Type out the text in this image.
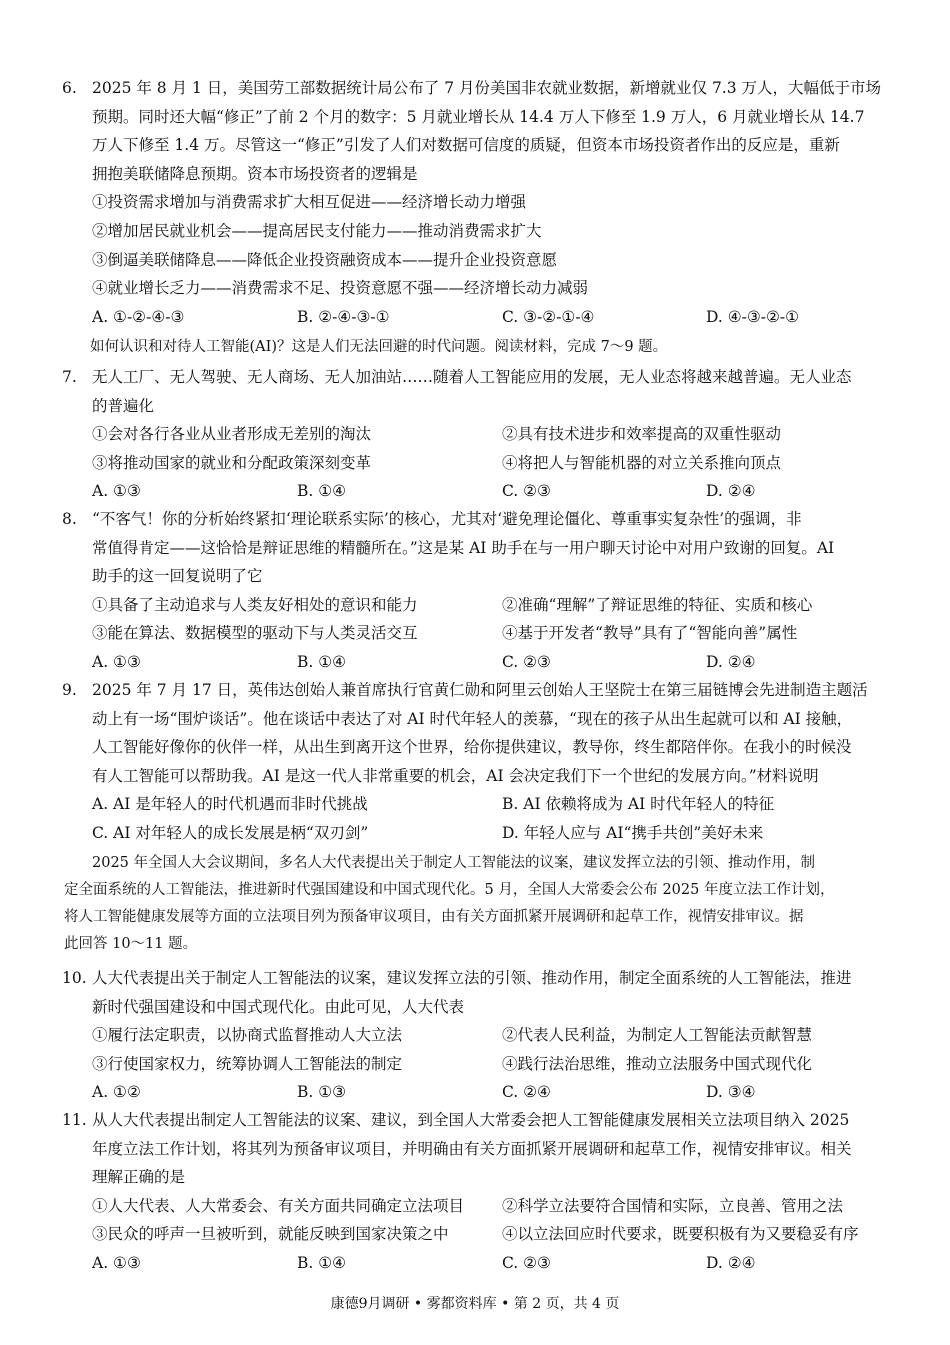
6. 2025 年 8 月 1 日，美国劳工部数据统计局公布了 7 月份美国非农就业数据，新增就业仅 7.3 万人，大幅低于市场
预期。同时还大幅“修正”了前 2 个月的数字：5 月就业增长从 14.4 万人下修至 1.9 万人，6 月就业增长从 14.7
万人下修至 1.4 万。尽管这一“修正”引发了人们对数据可信度的质疑，但资本市场投资者作出的反应是，重新
拥抱美联储降息预期。资本市场投资者的逻辑是
①投资需求增加与消费需求扩大相互促进——经济增长动力增强
②增加居民就业机会——提高居民支付能力——推动消费需求扩大
③倒逼美联储降息——降低企业投资融资成本——提升企业投资意愿
④就业增长乏力——消费需求不足、投资意愿不强——经济增长动力减弱
A. ①-②-④-③	B. ②-④-③-①	C. ③-②-①-④	D. ④-③-②-①
如何认识和对待人工智能(AI)？这是人们无法回避的时代问题。阅读材料，完成 7～9 题。
7. 无人工厂、无人驾驶、无人商场、无人加油站……随着人工智能应用的发展，无人业态将越来越普遍。无人业态
的普遍化
①会对各行各业从业者形成无差别的淘汰	②具有技术进步和效率提高的双重性驱动
③将推动国家的就业和分配政策深刻变革	④将把人与智能机器的对立关系推向顶点
A. ①③	B. ①④	C. ②③	D. ②④
8. “不客气！你的分析始终紧扣‘理论联系实际’的核心，尤其对‘避免理论僵化、尊重事实复杂性’的强调，非
常值得肯定——这恰恰是辩证思维的精髓所在。”这是某 AI 助手在与一用户聊天讨论中对用户致谢的回复。AI
助手的这一回复说明了它
①具备了主动追求与人类友好相处的意识和能力	②准确“理解”了辩证思维的特征、实质和核心
③能在算法、数据模型的驱动下与人类灵活交互	④基于开发者“教导”具有了“智能向善”属性
A. ①③	B. ①④	C. ②③	D. ②④
9. 2025 年 7 月 17 日，英伟达创始人兼首席执行官黄仁勋和阿里云创始人王坚院士在第三届链博会先进制造主题活
动上有一场“围炉谈话”。他在谈话中表达了对 AI 时代年轻人的羡慕，“现在的孩子从出生起就可以和 AI 接触，
人工智能好像你的伙伴一样，从出生到离开这个世界，给你提供建议，教导你，终生都陪伴你。在我小的时候没
有人工智能可以帮助我。AI 是这一代人非常重要的机会，AI 会决定我们下一个世纪的发展方向。”材料说明
A. AI 是年轻人的时代机遇而非时代挑战	B. AI 依赖将成为 AI 时代年轻人的特征
C. AI 对年轻人的成长发展是柄“双刃剑”	D. 年轻人应与 AI“携手共创”美好未来
2025 年全国人大会议期间，多名人大代表提出关于制定人工智能法的议案，建议发挥立法的引领、推动作用，制
定全面系统的人工智能法，推进新时代强国建设和中国式现代化。5 月，全国人大常委会公布 2025 年度立法工作计划，
将人工智能健康发展等方面的立法项目列为预备审议项目，由有关方面抓紧开展调研和起草工作，视情安排审议。据
此回答 10～11 题。
10. 人大代表提出关于制定人工智能法的议案，建议发挥立法的引领、推动作用，制定全面系统的人工智能法，推进
新时代强国建设和中国式现代化。由此可见，人大代表
①履行法定职责，以协商式监督推动人大立法	②代表人民利益，为制定人工智能法贡献智慧
③行使国家权力，统筹协调人工智能法的制定	④践行法治思维，推动立法服务中国式现代化
A. ①②	B. ①③	C. ②④	D. ③④
11. 从人大代表提出制定人工智能法的议案、建议，到全国人大常委会把人工智能健康发展相关立法项目纳入 2025
年度立法工作计划，将其列为预备审议项目，并明确由有关方面抓紧开展调研和起草工作，视情安排审议。相关
理解正确的是
①人大代表、人大常委会、有关方面共同确定立法项目 ②科学立法要符合国情和实际，立良善、管用之法
③民众的呼声一旦被听到，就能反映到国家决策之中	④以立法回应时代要求，既要积极有为又要稳妥有序
A. ①③	B. ①④	C. ②③	D. ②④
康德9月调研 • 雾都资料库 • 第 2 页，共 4 页
